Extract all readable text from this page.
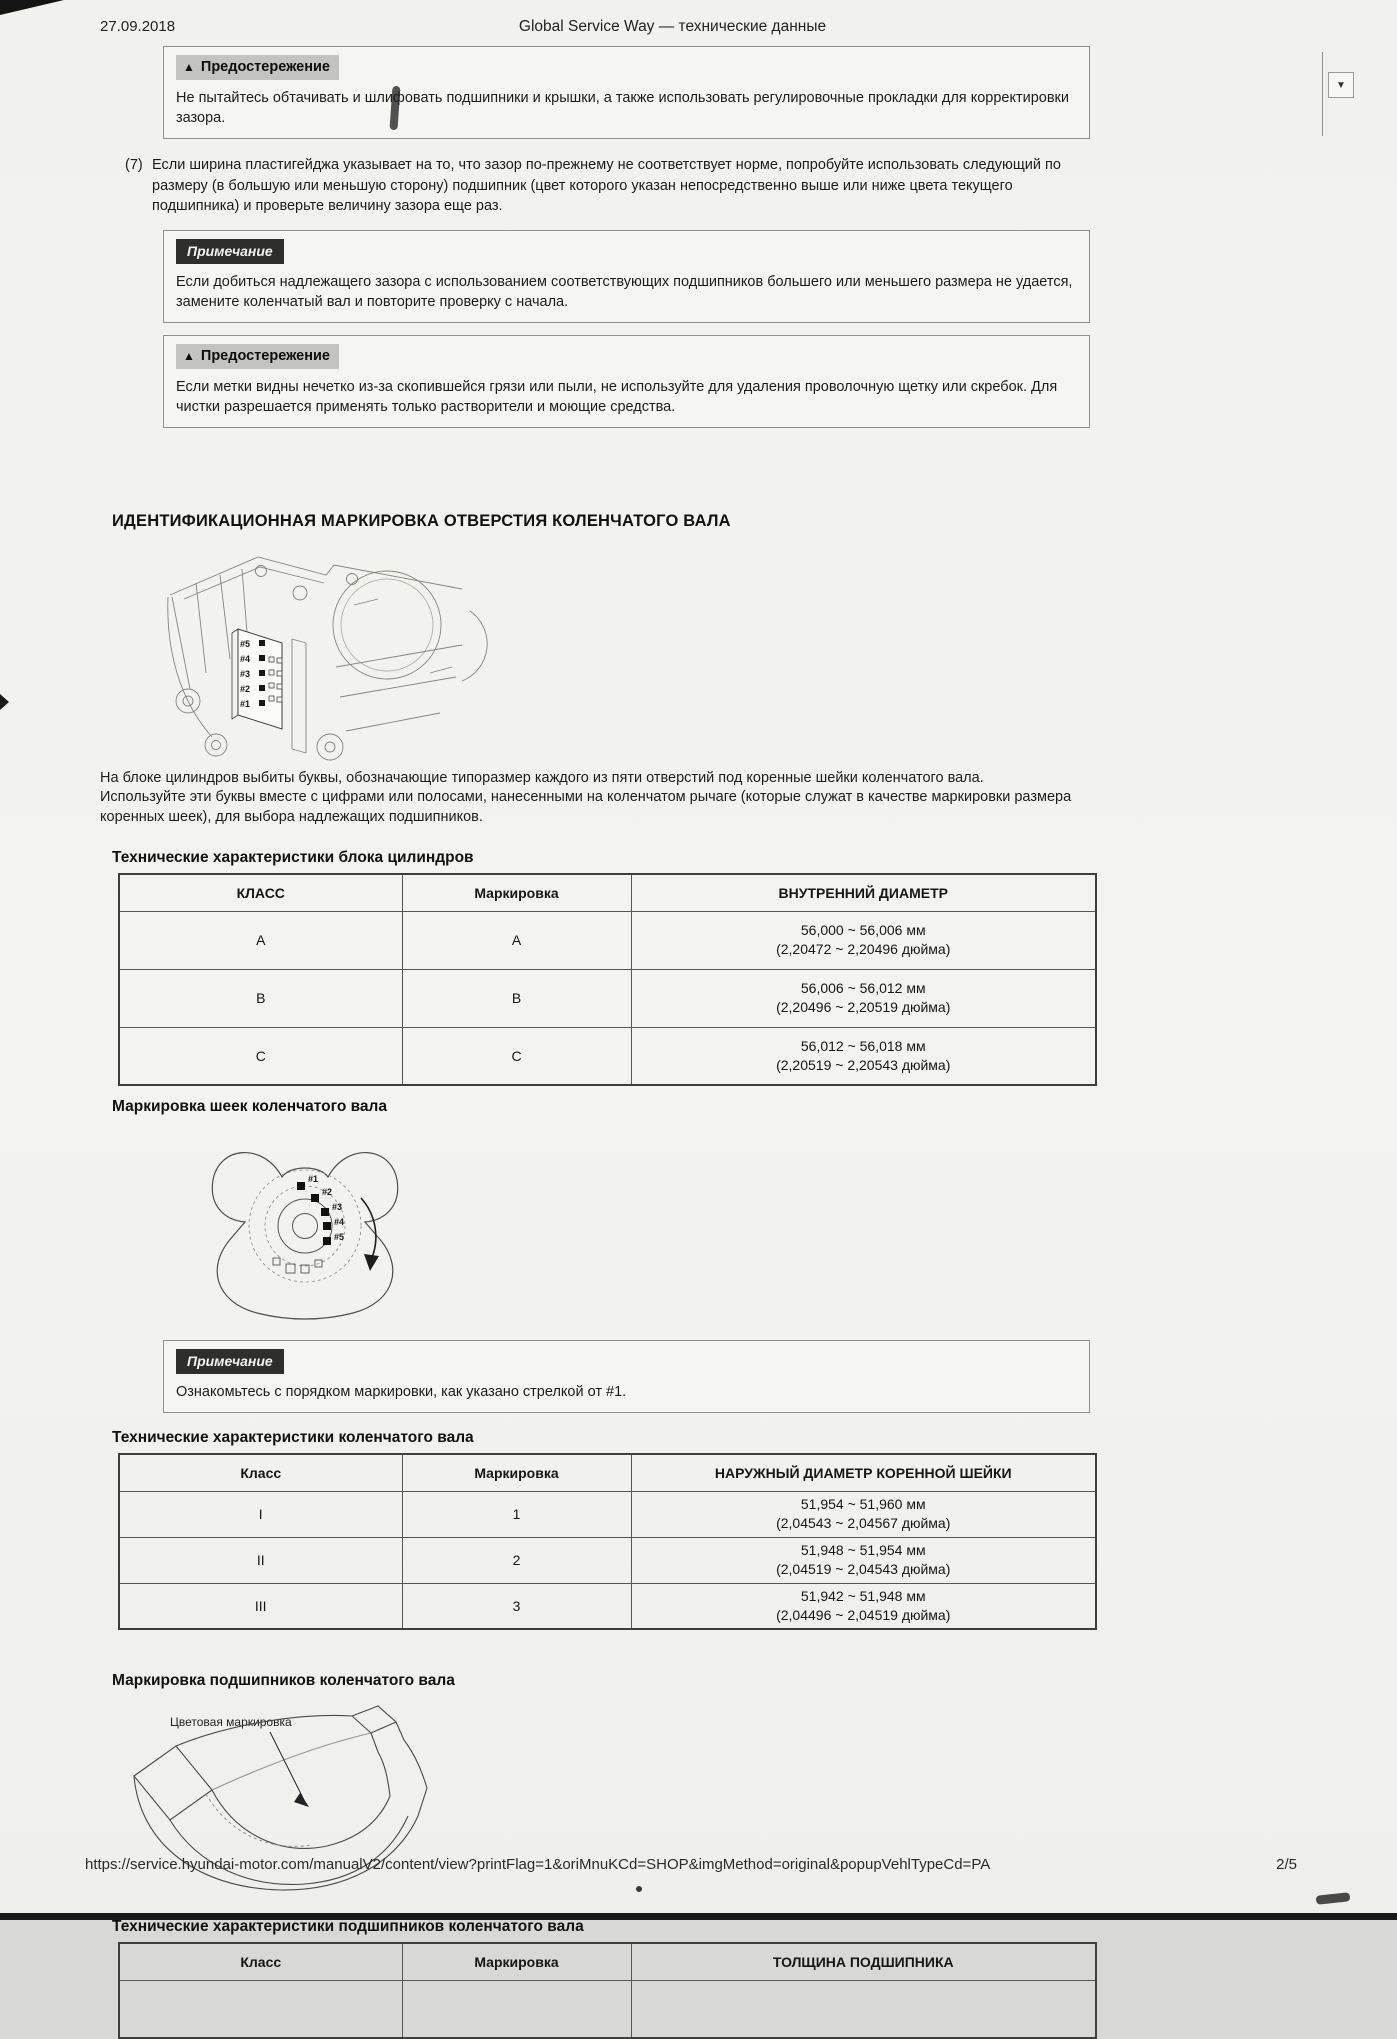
27.09.2018	Global Service Way — технические данные
▼
▲ Предостережение
Не пытайтесь обтачивать и шлифовать подшипники и крышки, а также использовать регулировочные прокладки для корректировки зазора.
(7) Если ширина пластигейджа указывает на то, что зазор по-прежнему не соответствует норме, попробуйте использовать следующий по размеру (в большую или меньшую сторону) подшипник (цвет которого указан непосредственно выше или ниже цвета текущего подшипника) и проверьте величину зазора еще раз.
Примечание
Если добиться надлежащего зазора с использованием соответствующих подшипников большего или меньшего размера не удается, замените коленчатый вал и повторите проверку с начала.
▲ Предостережение
Если метки видны нечетко из-за скопившейся грязи или пыли, не используйте для удаления проволочную щетку или скребок. Для чистки разрешается применять только растворители и моющие средства.
ИДЕНТИФИКАЦИОННАЯ МАРКИРОВКА ОТВЕРСТИЯ КОЛЕНЧАТОГО ВАЛА
#5
#4
#3
#2
#1
На блоке цилиндров выбиты буквы, обозначающие типоразмер каждого из пяти отверстий под коренные шейки коленчатого вала.
Используйте эти буквы вместе с цифрами или полосами, нанесенными на коленчатом рычаге (которые служат в качестве маркировки размера коренных шеек), для выбора надлежащих подшипников.
Технические характеристики блока цилиндров
КЛАСС	Маркировка	ВНУТРЕННИЙ ДИАМЕТР
A	A	56,000 ~ 56,006 мм
(2,20472 ~ 2,20496 дюйма)

B	B	56,006 ~ 56,012 мм
(2,20496 ~ 2,20519 дюйма)

C	C	56,012 ~ 56,018 мм
(2,20519 ~ 2,20543 дюйма)
Маркировка шеек коленчатого вала
#1
#2
#3
#4
#5
Примечание
Ознакомьтесь с порядком маркировки, как указано стрелкой от #1.
Технические характеристики коленчатого вала
Класс	Маркировка	НАРУЖНЫЙ ДИАМЕТР КОРЕННОЙ ШЕЙКИ
I	1	51,954 ~ 51,960 мм
(2,04543 ~ 2,04567 дюйма)

II	2	51,948 ~ 51,954 мм
(2,04519 ~ 2,04543 дюйма)

III	3	51,942 ~ 51,948 мм
(2,04496 ~ 2,04519 дюйма)
Маркировка подшипников коленчатого вала
Цветовая маркировка
Технические характеристики подшипников коленчатого вала
Класс	Маркировка	ТОЛЩИНА ПОДШИПНИКА

https://service.hyundai-motor.com/manualV2/content/view?printFlag=1&oriMnuKCd=SHOP&imgMethod=original&popupVehlTypeCd=PA	2/5
